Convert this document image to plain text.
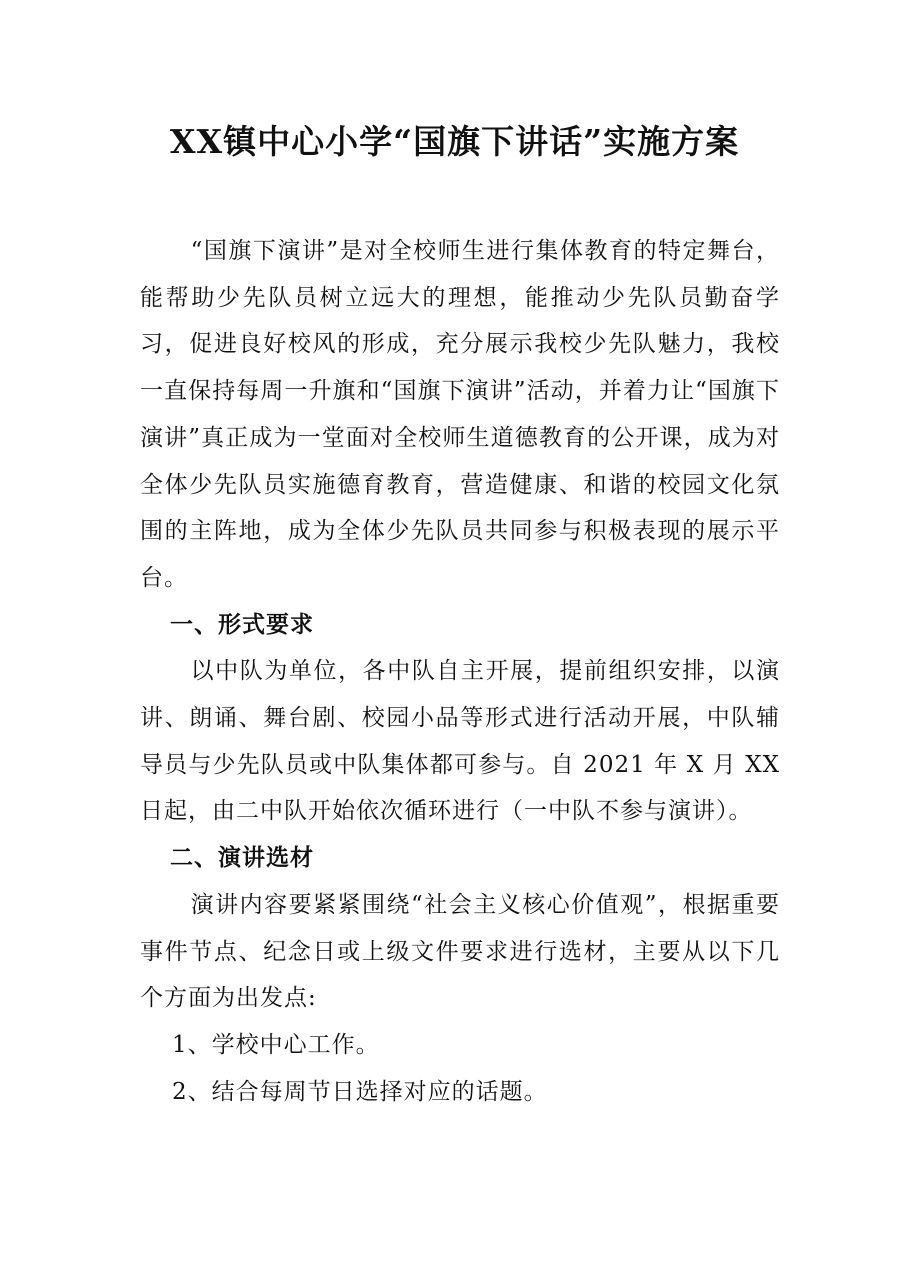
XX镇中心小学“国旗下讲话”实施方案

“国旗下演讲”是对全校师生进行集体教育的特定舞台，能帮助少先队员树立远大的理想，能推动少先队员勤奋学习，促进良好校风的形成，充分展示我校少先队魅力，我校一直保持每周一升旗和“国旗下演讲”活动，并着力让“国旗下演讲”真正成为一堂面对全校师生道德教育的公开课，成为对全体少先队员实施德育教育，营造健康、和谐的校园文化氛围的主阵地，成为全体少先队员共同参与积极表现的展示平台。

一、形式要求

以中队为单位，各中队自主开展，提前组织安排，以演讲、朗诵、舞台剧、校园小品等形式进行活动开展，中队辅导员与少先队员或中队集体都可参与。自 2021 年 X 月 XX 日起，由二中队开始依次循环进行（一中队不参与演讲）。

二、演讲选材

演讲内容要紧紧围绕“社会主义核心价值观”，根据重要事件节点、纪念日或上级文件要求进行选材，主要从以下几个方面为出发点:

1、学校中心工作。

2、结合每周节日选择对应的话题。
